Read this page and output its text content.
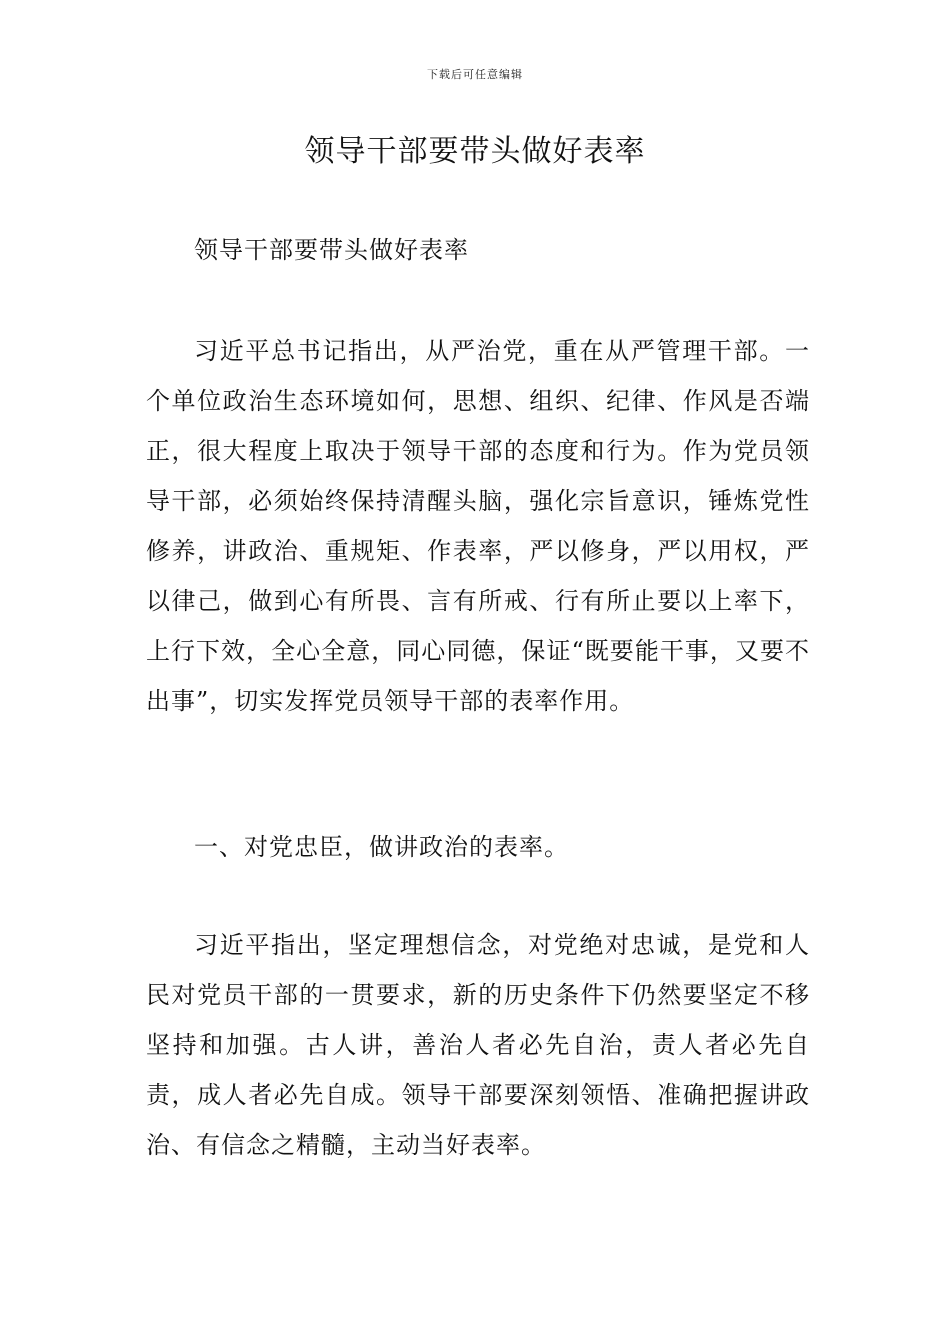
下载后可任意编辑
领导干部要带头做好表率

领导干部要带头做好表率

习近平总书记指出，从严治党，重在从严管理干部。一个单位政治生态环境如何，思想、组织、纪律、作风是否端正，很大程度上取决于领导干部的态度和行为。作为党员领导干部，必须始终保持清醒头脑，强化宗旨意识，锤炼党性修养，讲政治、重规矩、作表率，严以修身，严以用权，严以律己，做到心有所畏、言有所戒、行有所止要以上率下，上行下效，全心全意，同心同德，保证“既要能干事，又要不出事”，切实发挥党员领导干部的表率作用。

一、对党忠臣，做讲政治的表率。

习近平指出，坚定理想信念，对党绝对忠诚，是党和人民对党员干部的一贯要求，新的历史条件下仍然要坚定不移坚持和加强。古人讲，善治人者必先自治，责人者必先自责，成人者必先自成。领导干部要深刻领悟、准确把握讲政治、有信念之精髓，主动当好表率。
